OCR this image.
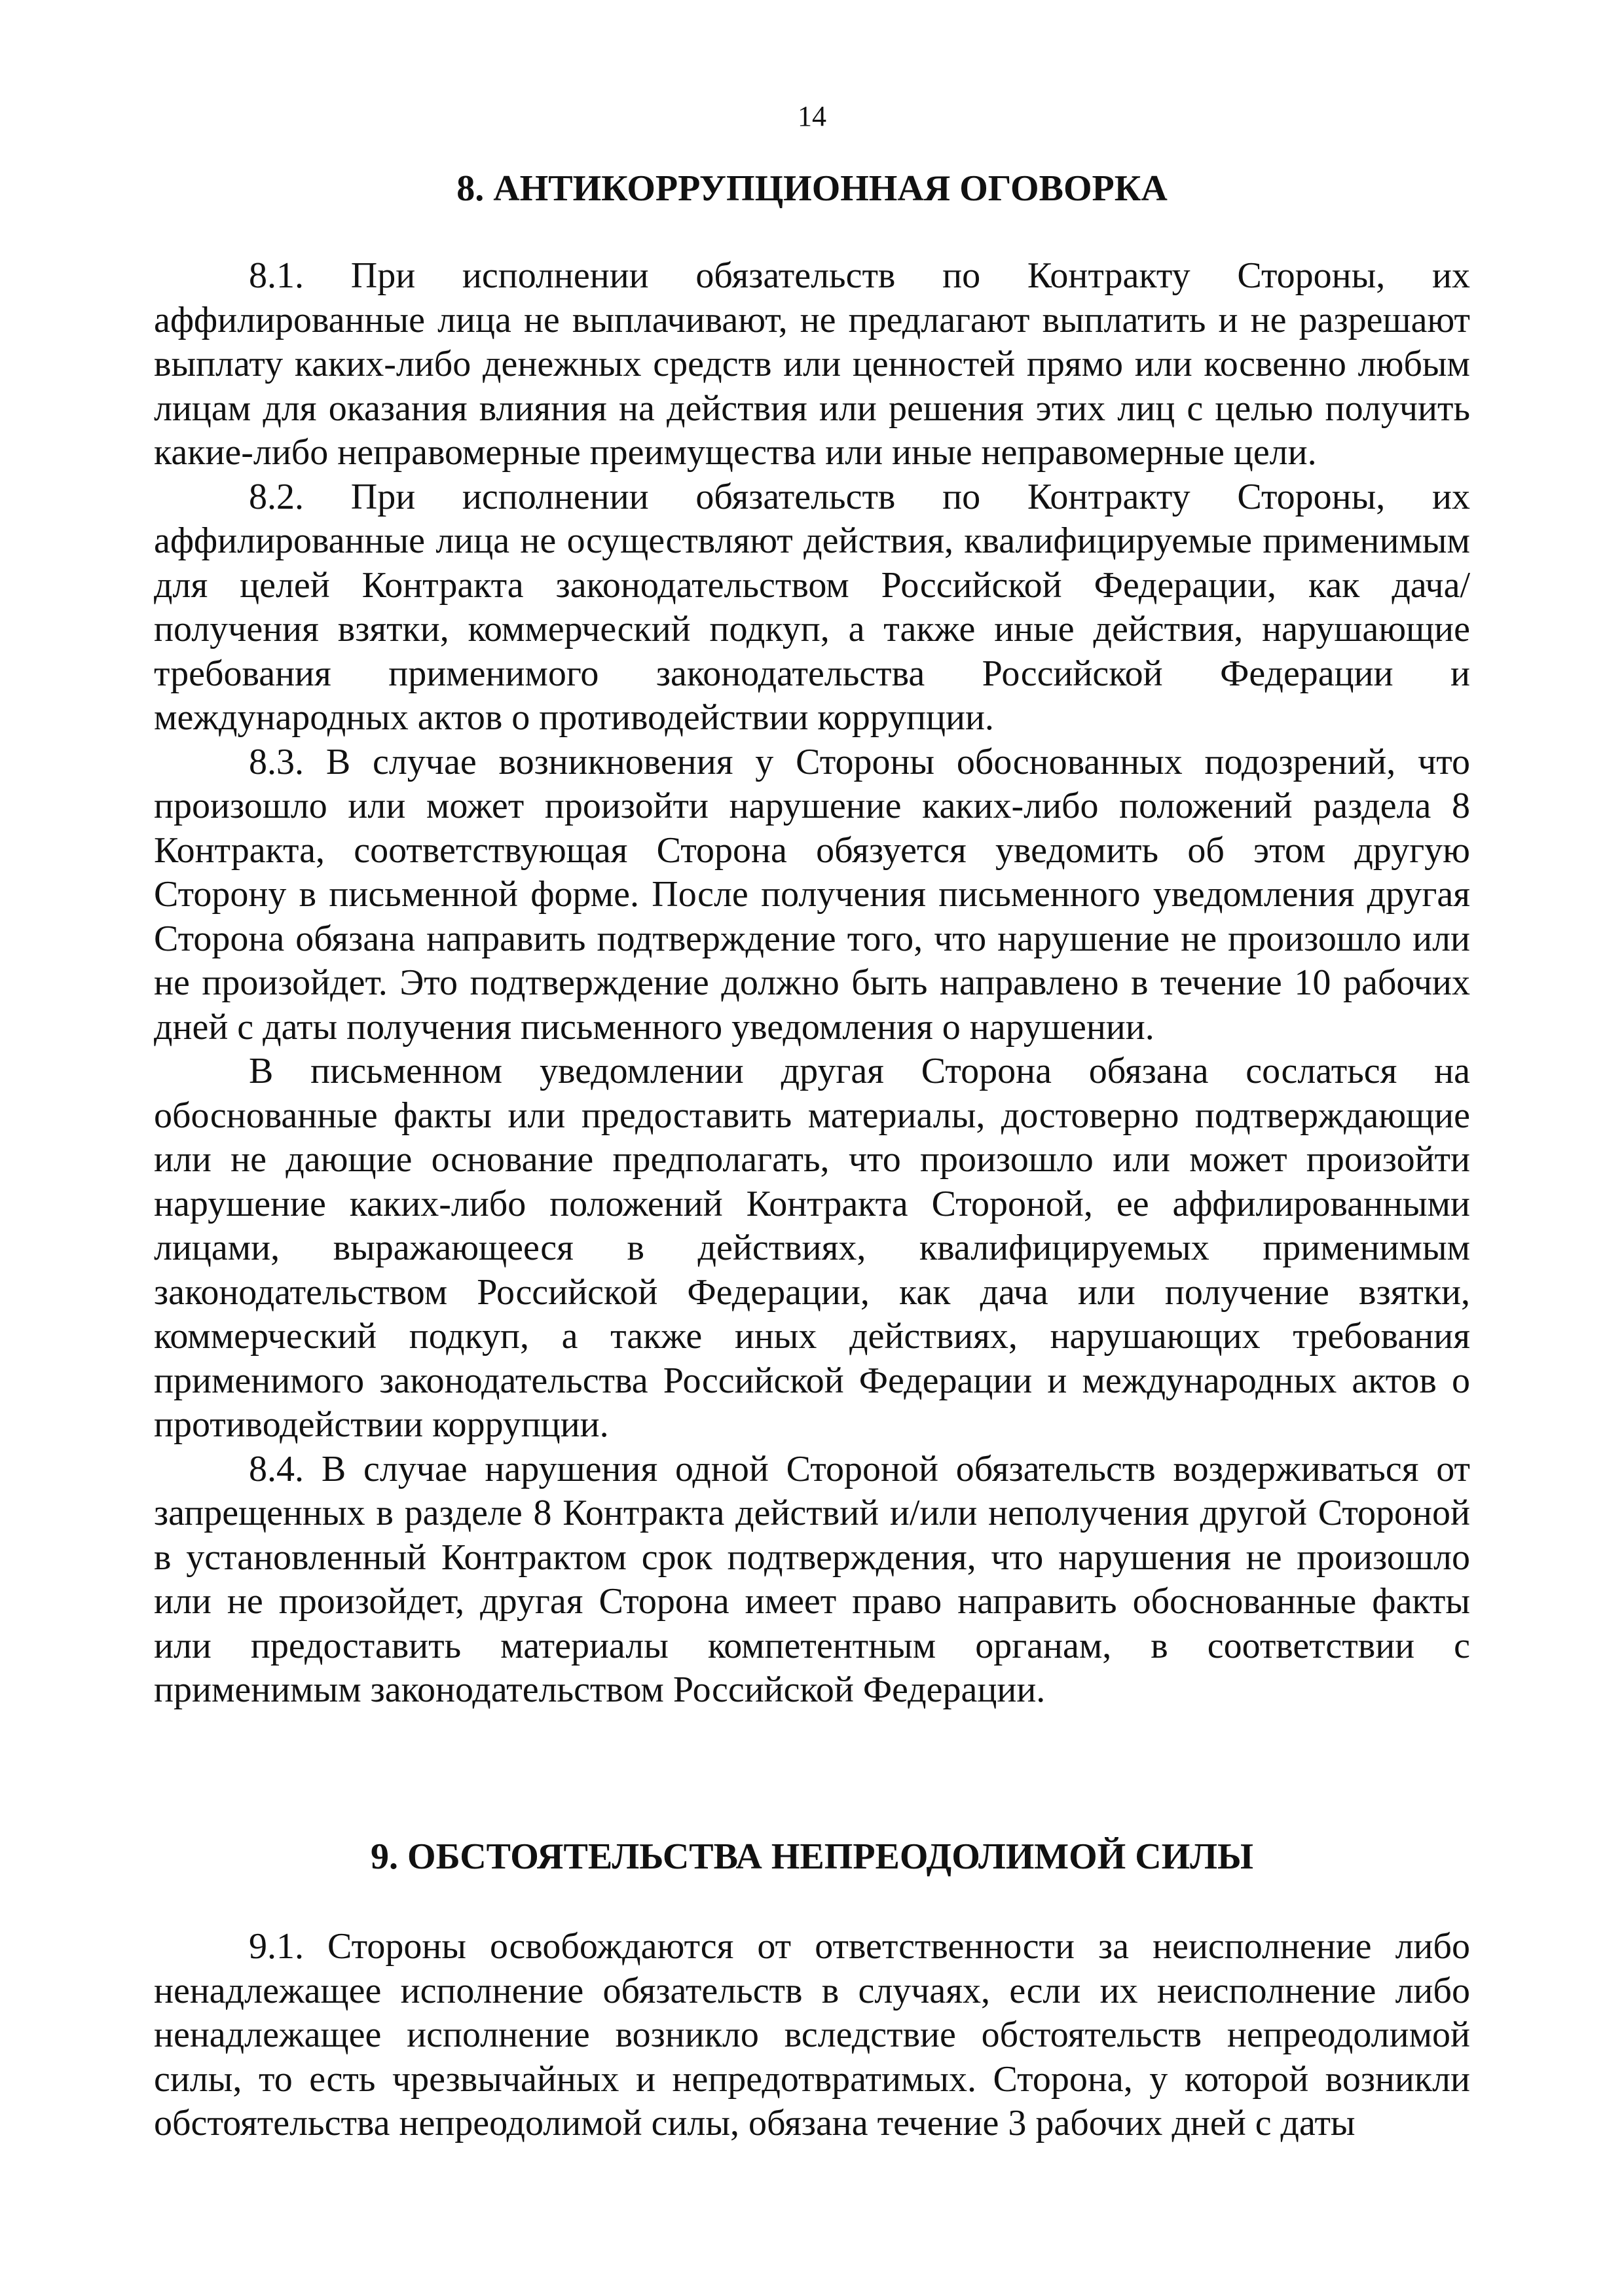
14
8. АНТИКОРРУПЦИОННАЯ ОГОВОРКА

8.1. При исполнении обязательств по Контракту Стороны, их аффилированные лица не выплачивают, не предлагают выплатить и не разрешают выплату каких-либо денежных средств или ценностей прямо или косвенно любым лицам для оказания влияния на действия или решения этих лиц с целью получить какие-либо неправомерные преимущества или иные неправомерные цели.

8.2. При исполнении обязательств по Контракту Стороны, их аффилированные лица не осуществляют действия, квалифицируемые применимым для целей Контракта законодательством Российской Федерации, как дача/получения взятки, коммерческий подкуп, а также иные действия, нарушающие требования применимого законодательства Российской Федерации и международных актов о противодействии коррупции.

8.3. В случае возникновения у Стороны обоснованных подозрений, что произошло или может произойти нарушение каких-либо положений раздела 8 Контракта, соответствующая Сторона обязуется уведомить об этом другую Сторону в письменной форме. После получения письменного уведомления другая Сторона обязана направить подтверждение того, что нарушение не произошло или не произойдет. Это подтверждение должно быть направлено в течение 10 рабочих дней с даты получения письменного уведомления о нарушении.

В письменном уведомлении другая Сторона обязана сослаться на обоснованные факты или предоставить материалы, достоверно подтверждающие или не дающие основание предполагать, что произошло или может произойти нарушение каких-либо положений Контракта Стороной, ее аффилированными лицами, выражающееся в действиях, квалифицируемых применимым законодательством Российской Федерации, как дача или получение взятки, коммерческий подкуп, а также иных действиях, нарушающих требования применимого законодательства Российской Федерации и международных актов о противодействии коррупции.

8.4. В случае нарушения одной Стороной обязательств воздерживаться от запрещенных в разделе 8 Контракта действий и/или неполучения другой Стороной в установленный Контрактом срок подтверждения, что нарушения не произошло или не произойдет, другая Сторона имеет право направить обоснованные факты или предоставить материалы компетентным органам, в соответствии с применимым законодательством Российской Федерации.

9. ОБСТОЯТЕЛЬСТВА НЕПРЕОДОЛИМОЙ СИЛЫ

9.1. Стороны освобождаются от ответственности за неисполнение либо ненадлежащее исполнение обязательств в случаях, если их неисполнение либо ненадлежащее исполнение возникло вследствие обстоятельств непреодолимой силы, то есть чрезвычайных и непредотвратимых. Сторона, у которой возникли обстоятельства непреодолимой силы, обязана течение 3 рабочих дней с даты
